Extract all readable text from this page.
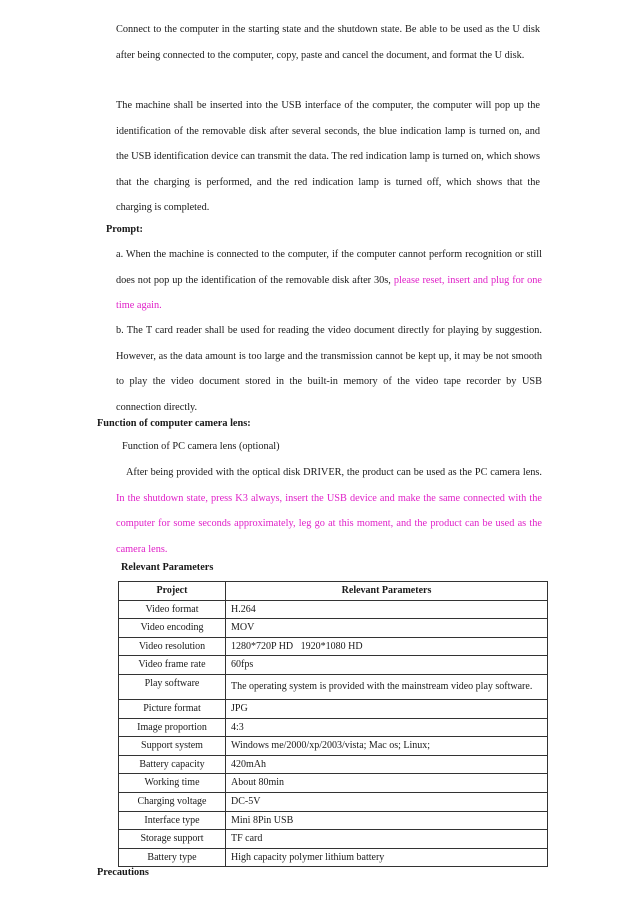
Connect to the computer in the starting state and the shutdown state. Be able to be used as the U disk after being connected to the computer, copy, paste and cancel the document, and format the U disk.

The machine shall be inserted into the USB interface of the computer, the computer will pop up the identification of the removable disk after several seconds, the blue indication lamp is turned on, and the USB identification device can transmit the data. The red indication lamp is turned on, which shows that the charging is performed, and the red indication lamp is turned off, which shows that the charging is completed.

Prompt:

a. When the machine is connected to the computer, if the computer cannot perform recognition or still does not pop up the identification of the removable disk after 30s, please reset, insert and plug for one time again.

b. The T card reader shall be used for reading the video document directly for playing by suggestion. However, as the data amount is too large and the transmission cannot be kept up, it may be not smooth to play the video document stored in the built-in memory of the video tape recorder by USB connection directly.

Function of computer camera lens:

Function of PC camera lens (optional)

After being provided with the optical disk DRIVER, the product can be used as the PC camera lens. In the shutdown state, press K3 always, insert the USB device and make the same connected with the computer for some seconds approximately, leg go at this moment, and the product can be used as the camera lens.

Relevant Parameters

Project	Relevant Parameters
Video format	H.264
Video encoding	MOV
Video resolution	1280*720P HD   1920*1080 HD
Video frame rate	60fps
Play software	The operating system is provided with the mainstream video play software.
Picture format	JPG
Image proportion	4:3
Support system	Windows me/2000/xp/2003/vista; Mac os; Linux;
Battery capacity	420mAh
Working time	About 80min
Charging voltage	DC-5V
Interface type	Mini 8Pin USB
Storage support	TF card
Battery type	High capacity polymer lithium battery

Precautions
